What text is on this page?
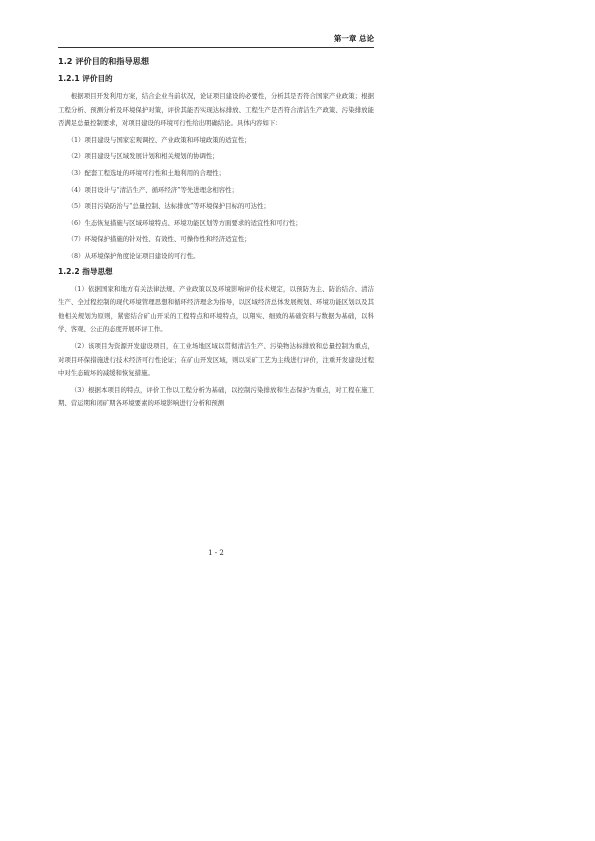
第一章 总论
1.2 评价目的和指导思想
1.2.1 评价目的

根据项目开发利用方案，结合企业当前状况，论证项目建设的必要性，分析其是否符合国家产业政策；根据工程分析、预测分析及环境保护对策，评价其能否实现达标排放、工程生产是否符合清洁生产政策、污染排放能否满足总量控制要求，对项目建设的环境可行性给出明确结论。具体内容如下：

（1）项目建设与国家宏观调控、产业政策和环境政策的适宜性；

（2）项目建设与区域发展计划和相关规划的协调性；

（3）配套工程选址的环境可行性和土地利用的合理性；

（4）项目设计与“清洁生产、循环经济”等先进理念相容性；

（5）项目污染防治与“总量控制、达标排放”等环境保护目标的可达性；

（6）生态恢复措施与区域环境特点、环境功能区划等方面要求的适宜性和可行性；

（7）环境保护措施的针对性、有效性、可操作性和经济适宜性；

（8）从环境保护角度论证项目建设的可行性。

1.2.2 指导思想

（1）依据国家和地方有关法律法规、产业政策以及环境影响评价技术规定，以预防为主、防治结合、清洁生产、全过程控制的现代环境管理思想和循环经济理念为指导，以区域经济总体发展规划、环境功能区划以及其他相关规划为原则，紧密结合矿山开采的工程特点和环境特点，以翔实、细致的基础资料与数据为基础，以科学、客观、公正的态度开展环评工作。

（2）该项目为资源开发建设项目，在工业场地区域以贯彻清洁生产、污染物达标排放和总量控制为重点，对项目环保措施进行技术经济可行性论证；在矿山开发区域，则以采矿工艺为主线进行评价，注重开发建设过程中对生态破坏的减缓和恢复措施。

（3）根据本项目的特点，评价工作以工程分析为基础，以控制污染排放和生态保护为重点，对工程在施工期、营运期和闭矿期各环境要素的环境影响进行分析和预测

1 - 2
